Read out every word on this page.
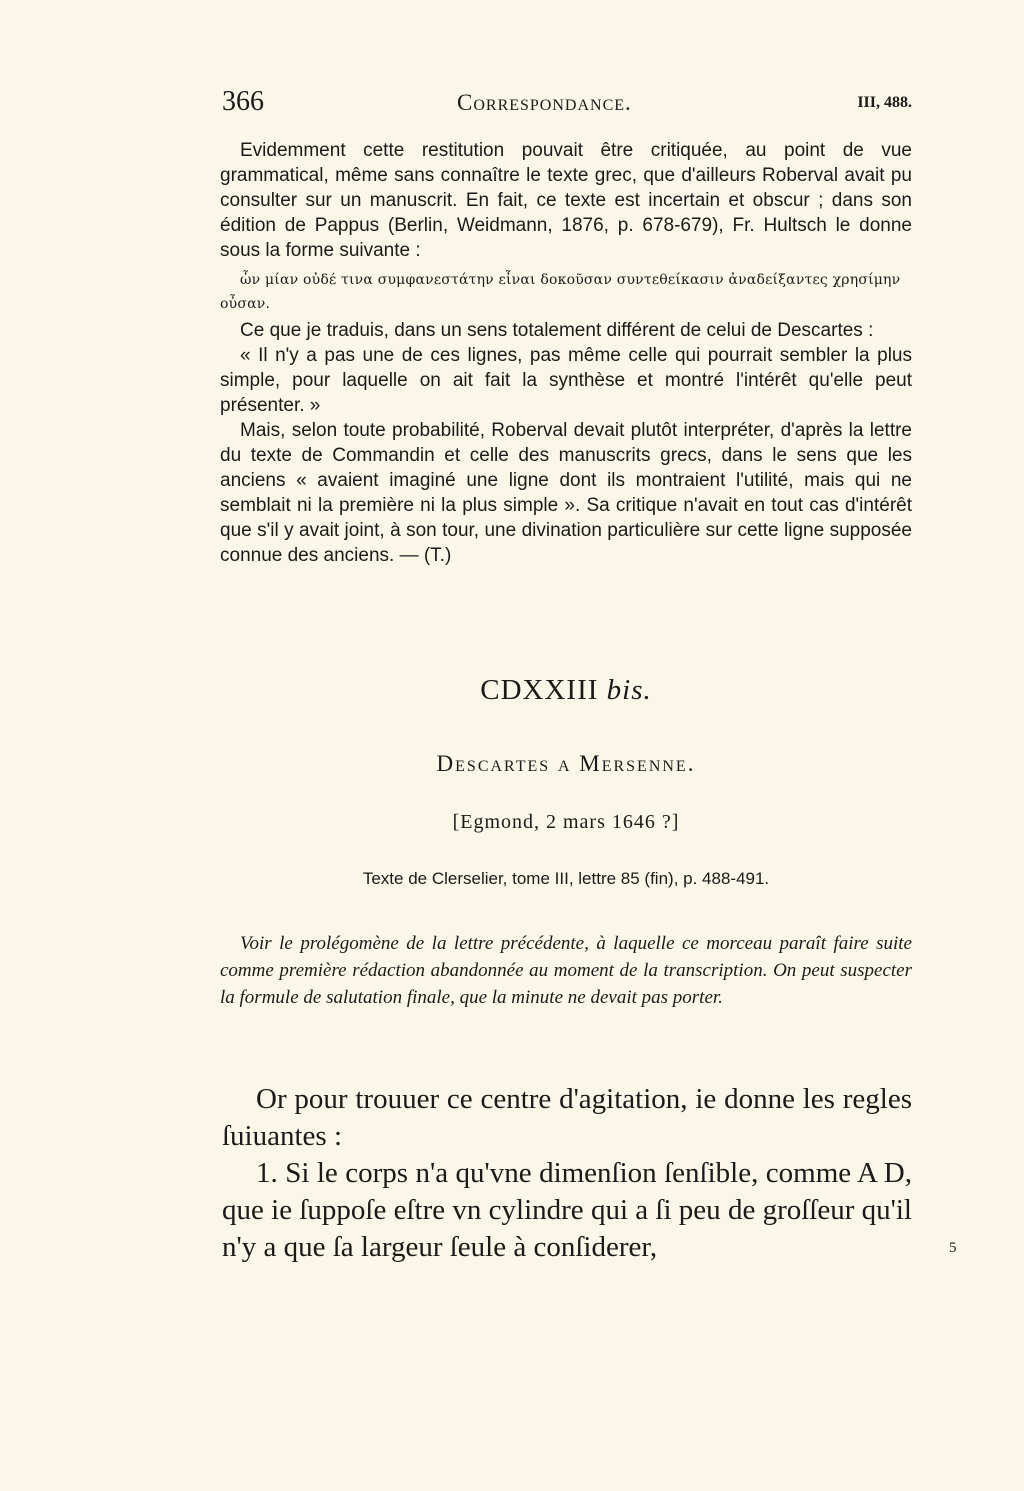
366	Correspondance.	III, 488.

Evidemment cette restitution pouvait être critiquée, au point de vue grammatical, même sans connaître le texte grec, que d'ailleurs Roberval avait pu consulter sur un manuscrit. En fait, ce texte est incertain et obscur ; dans son édition de Pappus (Berlin, Weidmann, 1876, p. 678-679), Fr. Hultsch le donne sous la forme suivante :

ὧν μίαν οὐδέ τινα συμφανεστάτην εἶναι δοκοῦσαν συντεθείκασιν ἀναδείξαντες χρησίμην οὖσαν.

Ce que je traduis, dans un sens totalement différent de celui de Descartes :

« Il n'y a pas une de ces lignes, pas même celle qui pourrait sembler la plus simple, pour laquelle on ait fait la synthèse et montré l'intérêt qu'elle peut présenter. »

Mais, selon toute probabilité, Roberval devait plutôt interpréter, d'après la lettre du texte de Commandin et celle des manuscrits grecs, dans le sens que les anciens « avaient imaginé une ligne dont ils montraient l'utilité, mais qui ne semblait ni la première ni la plus simple ». Sa critique n'avait en tout cas d'intérêt que s'il y avait joint, à son tour, une divination particulière sur cette ligne supposée connue des anciens. — (T.)

CDXXIII bis.
Descartes a Mersenne.
[Egmond, 2 mars 1646 ?]
Texte de Clerselier, tome III, lettre 85 (fin), p. 488-491.
Voir le prolégomène de la lettre précédente, à laquelle ce morceau paraît faire suite comme première rédaction abandonnée au moment de la transcription. On peut suspecter la formule de salutation finale, que la minute ne devait pas porter.

Or pour trouuer ce centre d'agitation, ie donne les regles ſuiuantes :

1. Si le corps n'a qu'vne dimenſion ſenſible, comme A D, que ie ſuppoſe eſtre vn cylindre qui a ſi peu de groſſeur qu'il n'y a que ſa largeur ſeule à conſiderer,	5
